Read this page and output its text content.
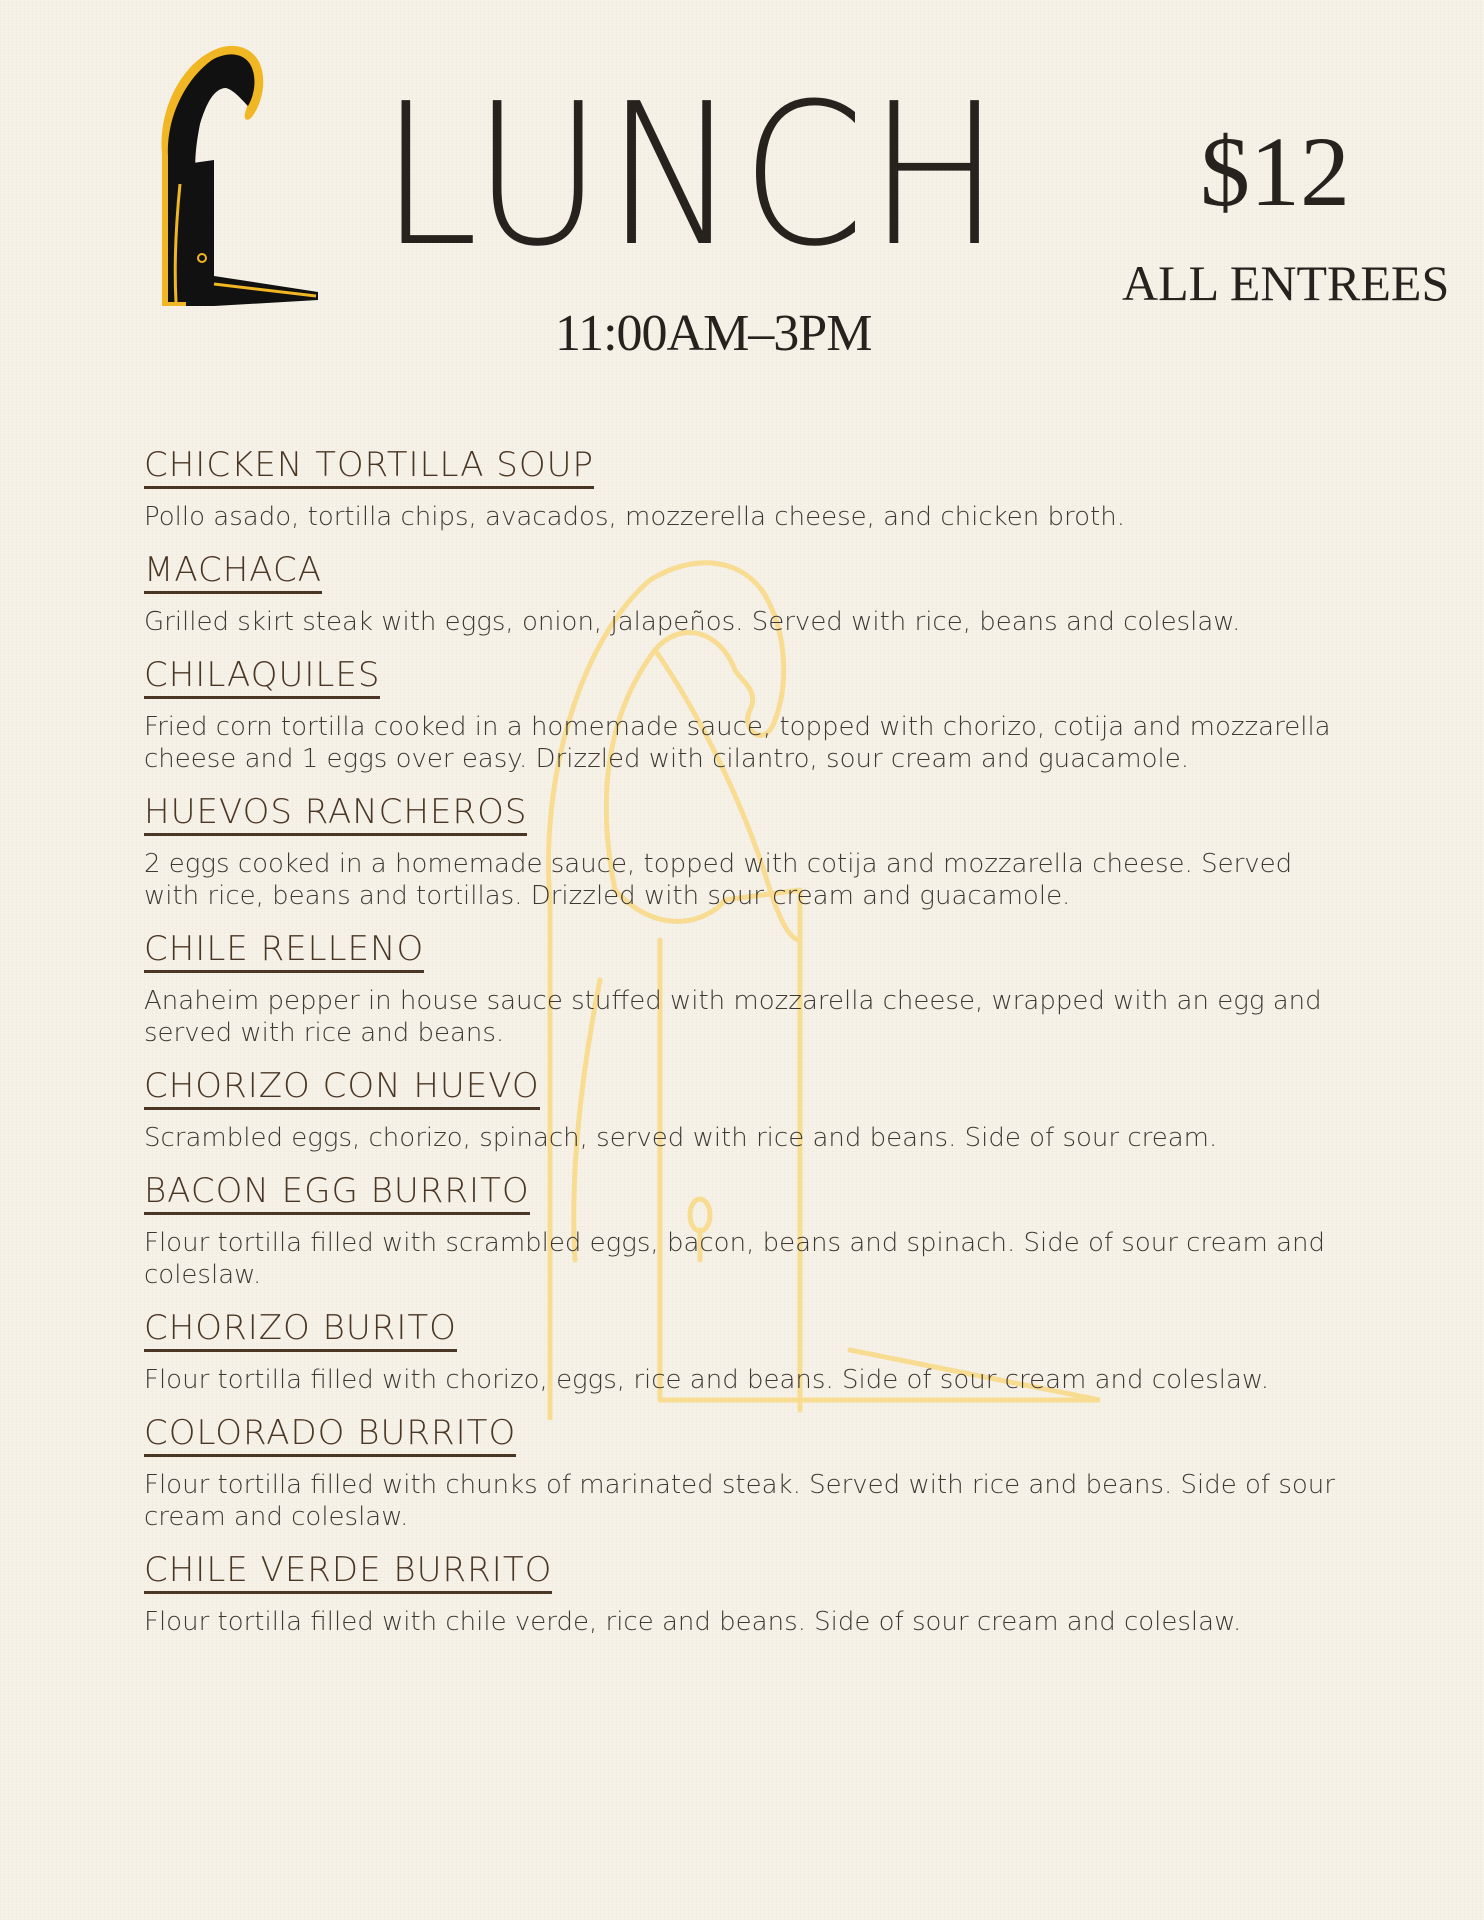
LUNCH
11:00AM–3PM
$12
ALL ENTREES
CHICKEN TORTILLA SOUP
Pollo asado, tortilla chips, avacados, mozzerella cheese, and chicken broth.
MACHACA
Grilled skirt steak with eggs, onion, jalapeños. Served with rice, beans and coleslaw.
CHILAQUILES
Fried corn tortilla cooked in a homemade sauce, topped with chorizo, cotija and mozzarella cheese and 1 eggs over easy. Drizzled with cilantro, sour cream and guacamole.
HUEVOS RANCHEROS
2 eggs cooked in a homemade sauce, topped with cotija and mozzarella cheese. Served with rice, beans and tortillas. Drizzled with sour cream and guacamole.
CHILE RELLENO
Anaheim pepper in house sauce stuffed with mozzarella cheese, wrapped with an egg and served with rice and beans.
CHORIZO CON HUEVO
Scrambled eggs, chorizo, spinach, served with rice and beans. Side of sour cream.
BACON EGG BURRITO
Flour tortilla filled with scrambled eggs, bacon, beans and spinach. Side of sour cream and coleslaw.
CHORIZO BURITO
Flour tortilla filled with chorizo, eggs, rice and beans. Side of sour cream and coleslaw.
COLORADO BURRITO
Flour tortilla filled with chunks of marinated steak. Served with rice and beans. Side of sour cream and coleslaw.
CHILE VERDE BURRITO
Flour tortilla filled with chile verde, rice and beans. Side of sour cream and coleslaw.
